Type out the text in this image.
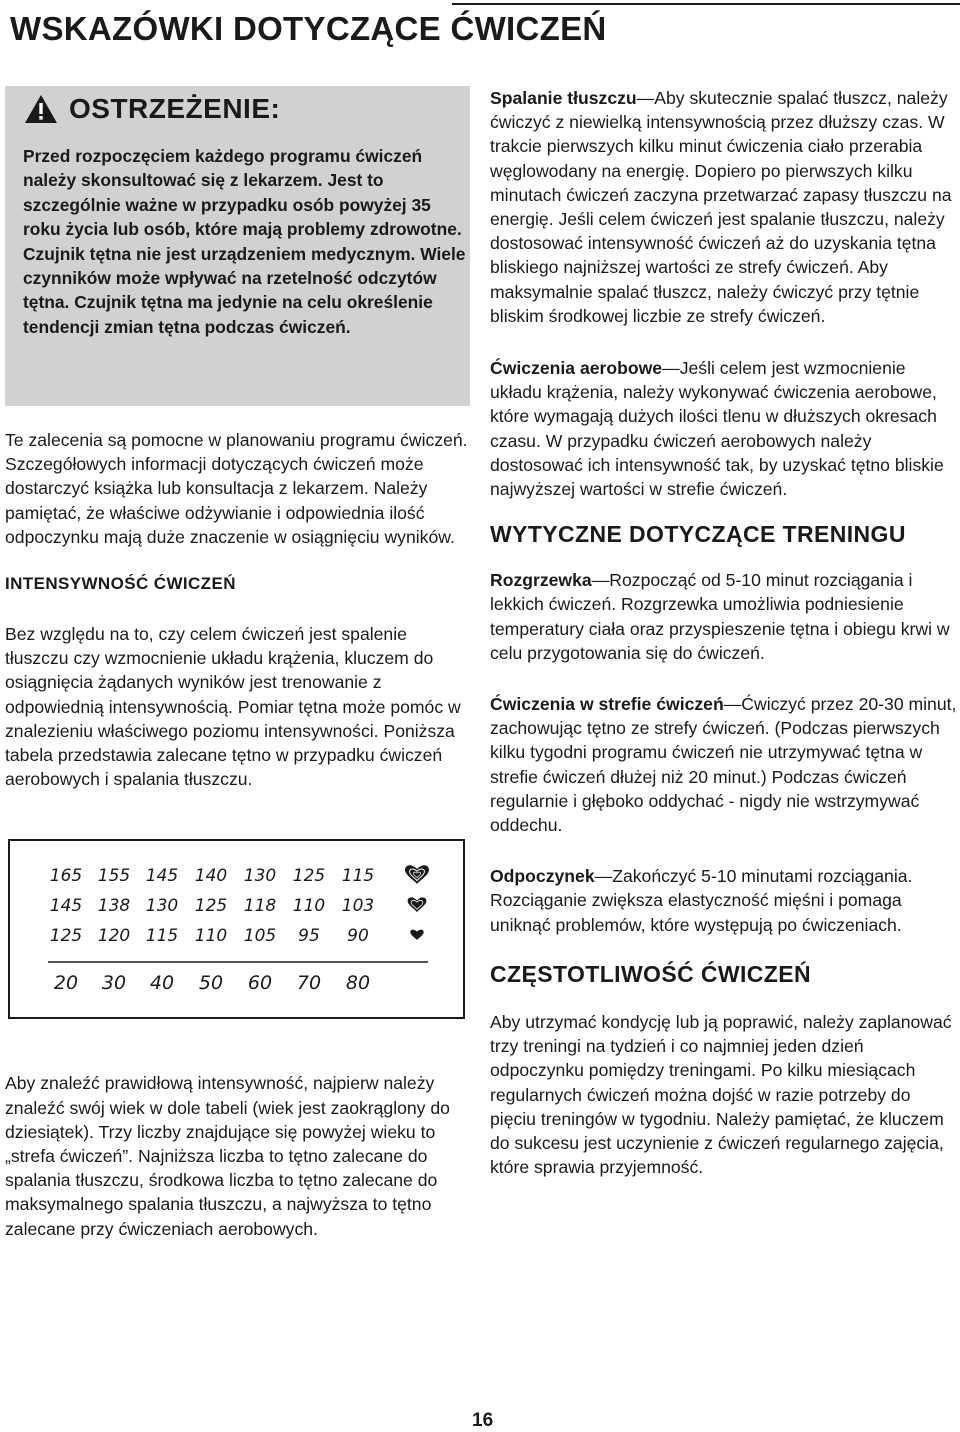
WSKAZÓWKI DOTYCZĄCE ĆWICZEŃ
OSTRZEŻENIE:

Przed rozpoczęciem każdego programu ćwiczeń należy skonsultować się z lekarzem. Jest to szczególnie ważne w przypadku osób powyżej 35 roku życia lub osób, które mają problemy zdrowotne. Czujnik tętna nie jest urządzeniem medycznym. Wiele czynników może wpływać na rzetelność odczytów tętna. Czujnik tętna ma jedynie na celu określenie tendencji zmian tętna podczas ćwiczeń.

Te zalecenia są pomocne w planowaniu programu ćwiczeń. Szczegółowych informacji dotyczących ćwiczeń może dostarczyć książka lub konsultacja z lekarzem. Należy pamiętać, że właściwe odżywianie i odpowiednia ilość odpoczynku mają duże znaczenie w osiągnięciu wyników.

INTENSYWNOŚĆ ĆWICZEŃ

Bez względu na to, czy celem ćwiczeń jest spalenie tłuszczu czy wzmocnienie układu krążenia, kluczem do osiągnięcia żądanych wyników jest trenowanie z odpowiednią intensywnością. Pomiar tętna może pomóc w znalezieniu właściwego poziomu intensywności. Poniższa tabela przedstawia zalecane tętno w przypadku ćwiczeń aerobowych i spalania tłuszczu.

165 155 145 140 130 125 115
145 138 130 125 118 110 103
125 120 115 110 105 95 90
20 30 40 50 60 70 80

Aby znaleźć prawidłową intensywność, najpierw należy znaleźć swój wiek w dole tabeli (wiek jest zaokrąglony do dziesiątek). Trzy liczby znajdujące się powyżej wieku to „strefa ćwiczeń”. Najniższa liczba to tętno zalecane do spalania tłuszczu, środkowa liczba to tętno zalecane do maksymalnego spalania tłuszczu, a najwyższa to tętno zalecane przy ćwiczeniach aerobowych.

Spalanie tłuszczu—Aby skutecznie spalać tłuszcz, należy ćwiczyć z niewielką intensywnością przez dłuższy czas. W trakcie pierwszych kilku minut ćwiczenia ciało przerabia węglowodany na energię. Dopiero po pierwszych kilku minutach ćwiczeń zaczyna przetwarzać zapasy tłuszczu na energię. Jeśli celem ćwiczeń jest spalanie tłuszczu, należy dostosować intensywność ćwiczeń aż do uzyskania tętna bliskiego najniższej wartości ze strefy ćwiczeń. Aby maksymalnie spalać tłuszcz, należy ćwiczyć przy tętnie bliskim środkowej liczbie ze strefy ćwiczeń.

Ćwiczenia aerobowe—Jeśli celem jest wzmocnienie układu krążenia, należy wykonywać ćwiczenia aerobowe, które wymagają dużych ilości tlenu w dłuższych okresach czasu. W przypadku ćwiczeń aerobowych należy dostosować ich intensywność tak, by uzyskać tętno bliskie najwyższej wartości w strefie ćwiczeń.

WYTYCZNE DOTYCZĄCE TRENINGU

Rozgrzewka—Rozpocząć od 5-10 minut rozciągania i lekkich ćwiczeń. Rozgrzewka umożliwia podniesienie temperatury ciała oraz przyspieszenie tętna i obiegu krwi w celu przygotowania się do ćwiczeń.

Ćwiczenia w strefie ćwiczeń—Ćwiczyć przez 20-30 minut, zachowując tętno ze strefy ćwiczeń. (Podczas pierwszych kilku tygodni programu ćwiczeń nie utrzymywać tętna w strefie ćwiczeń dłużej niż 20 minut.) Podczas ćwiczeń regularnie i głęboko oddychać - nigdy nie wstrzymywać oddechu.

Odpoczynek—Zakończyć 5-10 minutami rozciągania. Rozciąganie zwiększa elastyczność mięśni i pomaga uniknąć problemów, które występują po ćwiczeniach.

CZĘSTOTLIWOŚĆ ĆWICZEŃ

Aby utrzymać kondycję lub ją poprawić, należy zaplanować trzy treningi na tydzień i co najmniej jeden dzień odpoczynku pomiędzy treningami. Po kilku miesiącach regularnych ćwiczeń można dojść w razie potrzeby do pięciu treningów w tygodniu. Należy pamiętać, że kluczem do sukcesu jest uczynienie z ćwiczeń regularnego zajęcia, które sprawia przyjemność.

16
